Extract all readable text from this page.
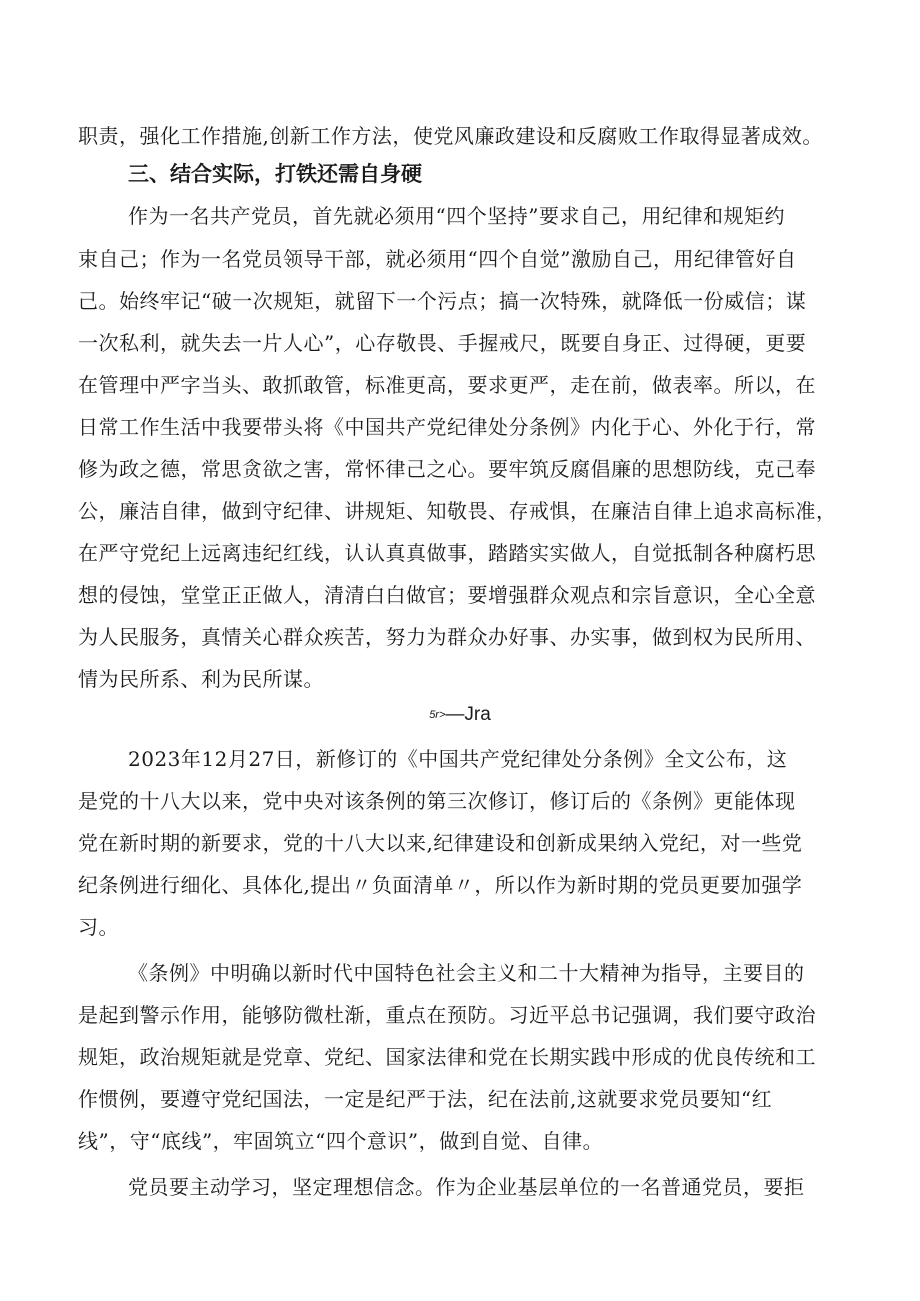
职责，强化工作措施,创新工作方法，使党风廉政建设和反腐败工作取得显著成效。
三、结合实际，打铁还需自身硬
作为一名共产党员，首先就必须用“四个坚持”要求自己，用纪律和规矩约
束自己；作为一名党员领导干部，就必须用“四个自觉”激励自己，用纪律管好自
己。始终牢记“破一次规矩，就留下一个污点；搞一次特殊，就降低一份威信；谋
一次私利，就失去一片人心”，心存敬畏、手握戒尺，既要自身正、过得硬，更要
在管理中严字当头、敢抓敢管，标准更高，要求更严，走在前，做表率。所以，在
日常工作生活中我要带头将《中国共产党纪律处分条例》内化于心、外化于行，常
修为政之德，常思贪欲之害，常怀律己之心。要牢筑反腐倡廉的思想防线，克己奉
公，廉洁自律，做到守纪律、讲规矩、知敬畏、存戒惧，在廉洁自律上追求高标准，
在严守党纪上远离违纪红线，认认真真做事，踏踏实实做人，自觉抵制各种腐朽思
想的侵蚀，堂堂正正做人，清清白白做官；要增强群众观点和宗旨意识，全心全意
为人民服务，真情关心群众疾苦，努力为群众办好事、办实事，做到权为民所用、
情为民所系、利为民所谋。
5r>—Jra
2023年12月27日，新修订的《中国共产党纪律处分条例》全文公布，这
是党的十八大以来，党中央对该条例的第三次修订，修订后的《条例》更能体现
党在新时期的新要求，党的十八大以来,纪律建设和创新成果纳入党纪，对一些党
纪条例进行细化、具体化,提出〃负面清单〃，所以作为新时期的党员更要加强学
习。
《条例》中明确以新时代中国特色社会主义和二十大精神为指导，主要目的
是起到警示作用，能够防微杜渐，重点在预防。习近平总书记强调，我们要守政治
规矩，政治规矩就是党章、党纪、国家法律和党在长期实践中形成的优良传统和工
作惯例，要遵守党纪国法，一定是纪严于法，纪在法前,这就要求党员要知“红
线”，守“底线”，牢固筑立“四个意识”，做到自觉、自律。
党员要主动学习，坚定理想信念。作为企业基层单位的一名普通党员，要拒
